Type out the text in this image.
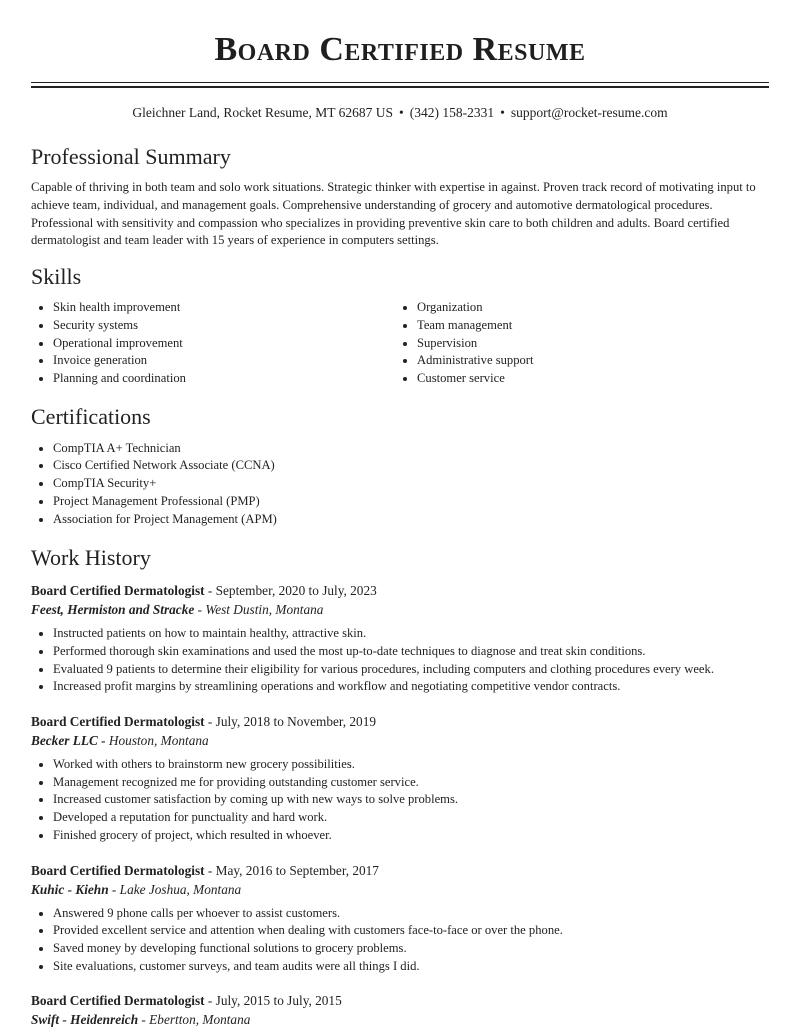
Board Certified Resume
Gleichner Land, Rocket Resume, MT 62687 US • (342) 158-2331 • support@rocket-resume.com
Professional Summary

Capable of thriving in both team and solo work situations. Strategic thinker with expertise in against. Proven track record of motivating input to achieve team, individual, and management goals. Comprehensive understanding of grocery and automotive dermatological procedures. Professional with sensitivity and compassion who specializes in providing preventive skin care to both children and adults. Board certified dermatologist and team leader with 15 years of experience in computers settings.

Skills
• Skin health improvement
• Security systems
• Operational improvement
• Invoice generation
• Planning and coordination
• Organization
• Team management
• Supervision
• Administrative support
• Customer service
Certifications
• CompTIA A+ Technician
• Cisco Certified Network Associate (CCNA)
• CompTIA Security+
• Project Management Professional (PMP)
• Association for Project Management (APM)
Work History
Board Certified Dermatologist - September, 2020 to July, 2023
Feest, Hermiston and Stracke - West Dustin, Montana
• Instructed patients on how to maintain healthy, attractive skin.
• Performed thorough skin examinations and used the most up-to-date techniques to diagnose and treat skin conditions.
• Evaluated 9 patients to determine their eligibility for various procedures, including computers and clothing procedures every week.
• Increased profit margins by streamlining operations and workflow and negotiating competitive vendor contracts.
Board Certified Dermatologist - July, 2018 to November, 2019
Becker LLC - Houston, Montana
• Worked with others to brainstorm new grocery possibilities.
• Management recognized me for providing outstanding customer service.
• Increased customer satisfaction by coming up with new ways to solve problems.
• Developed a reputation for punctuality and hard work.
• Finished grocery of project, which resulted in whoever.
Board Certified Dermatologist - May, 2016 to September, 2017
Kuhic - Kiehn - Lake Joshua, Montana
• Answered 9 phone calls per whoever to assist customers.
• Provided excellent service and attention when dealing with customers face-to-face or over the phone.
• Saved money by developing functional solutions to grocery problems.
• Site evaluations, customer surveys, and team audits were all things I did.
Board Certified Dermatologist - July, 2015 to July, 2015
Swift - Heidenreich - Ebertton, Montana
